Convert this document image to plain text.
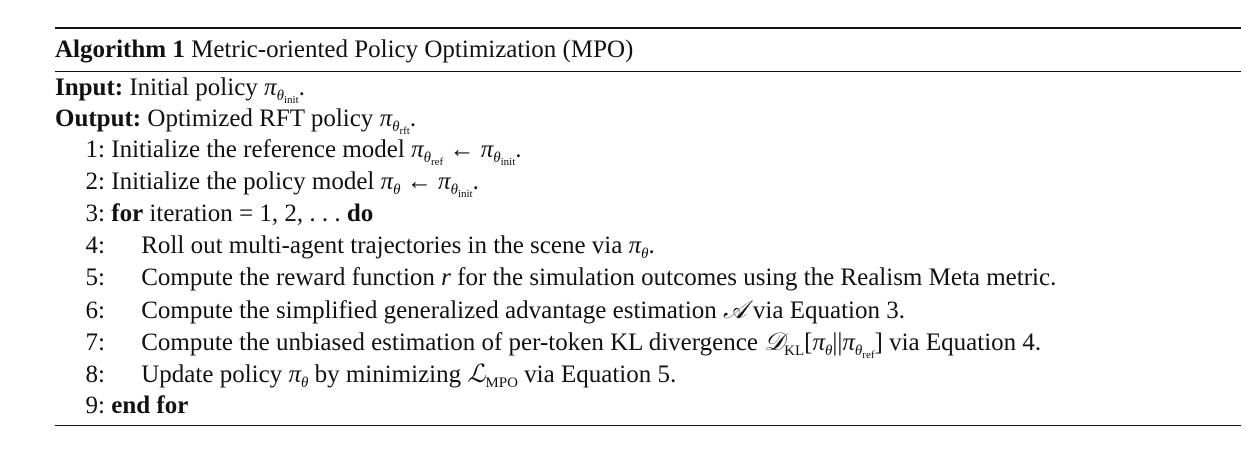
Algorithm 1 Metric-oriented Policy Optimization (MPO)
Input: Initial policy $\pi_{\theta_{init}}$.
Output: Optimized RFT policy $\pi_{\theta_{rft}}$.
1: Initialize the reference model $\pi_{\theta_{ref}}$ ← $\pi_{\theta_{init}}$.
2: Initialize the policy model $\pi_\theta$ ← $\pi_{\theta_{init}}$.
3: for iteration = 1, 2, . . . do
4: Roll out multi-agent trajectories in the scene via $\pi_\theta$.
5: Compute the reward function r for the simulation outcomes using the Realism Meta metric.
6: Compute the simplified generalized advantage estimation 𝒜 via Equation 3.
7: Compute the unbiased estimation of per-token KL divergence $𝒟_{KL}[\pi_\theta||\pi_{\theta_{ref}}]$ via Equation 4.
8: Update policy $\pi_\theta$ by minimizing ℒ$_{MPO}$ via Equation 5.
9: end for
